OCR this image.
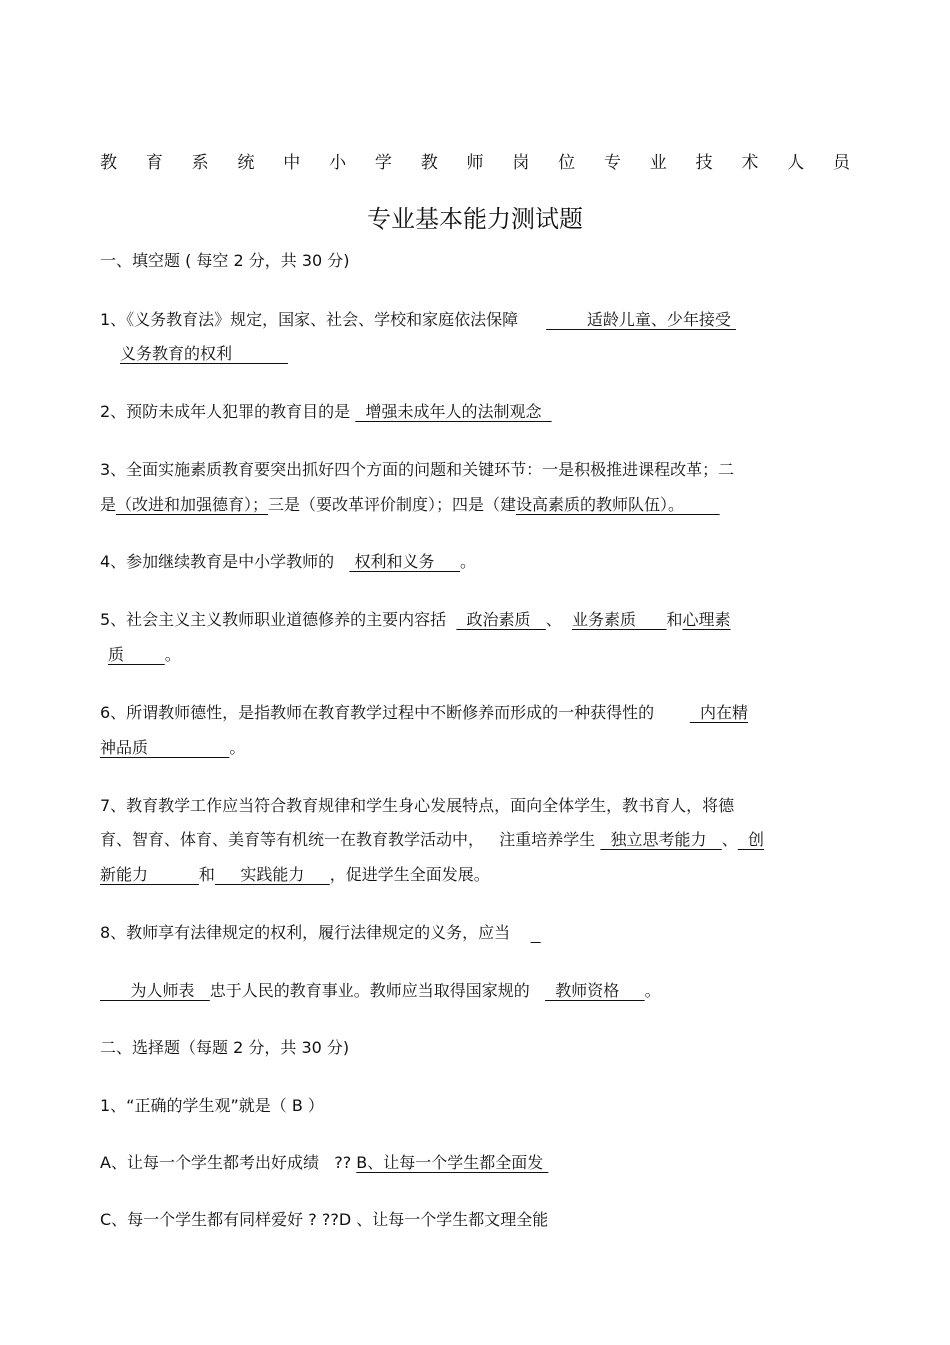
教 育 系 统 中 小 学 教 师 岗 位 专 业 技 术 人 员
专业基本能力测试题
一、填空题 ( 每空 2 分，共 30 分)
1、《义务教育法》规定，国家、社会、学校和家庭依法保障        适龄儿童、少年接受
义务教育的权利
2、预防未成年人犯罪的教育目的是   增强未成年人的法制观念
3、全面实施素质教育要突出抓好四个方面的问题和关键环节：一是积极推进课程改革；二
是（改进和加强德育）；三是（要改革评价制度）；四是（建设高素质的教师队伍）。
4、参加继续教育是中小学教师的    权利和义务     。
5、社会主义主义教师职业道德修养的主要内容括    政治素质   、  业务素质      和心理素
质        。
6、所谓教师德性，是指教师在教育教学过程中不断修养而形成的一种获得性的         内在精
神品质                。
7、教育教学工作应当符合教育规律和学生身心发展特点，面向全体学生，教书育人，将德
育、智育、体育、美育等有机统一在教育教学活动中，   注重培养学生   独立思考能力   、  创
新能力          和     实践能力     ，促进学生全面发展。
8、教师享有法律规定的权利，履行法律规定的义务，应当
为人师表   忠于人民的教育事业。教师应当取得国家规的     教师资格     。
二、选择题（每题 2 分，共 30 分)
1、“正确的学生观”就是（ B ）
A、让每一个学生都考出好成绩   ?? B、让每一个学生都全面发
C、每一个学生都有同样爱好 ? ??D 、让每一个学生都文理全能
